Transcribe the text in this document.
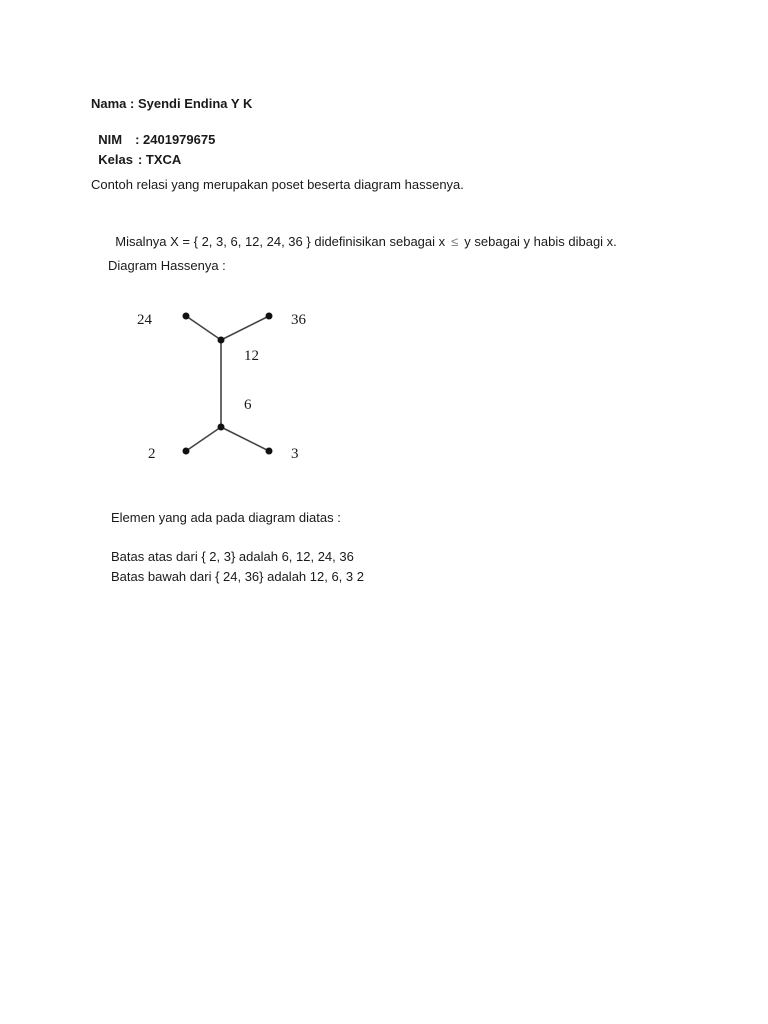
Nama : Syendi Endina Y K

NIM : 2401979675

Kelas : TXCA

Contoh relasi yang merupakan poset beserta diagram hassenya.

Misalnya X = { 2, 3, 6, 12, 24, 36 } didefinisikan sebagai x ≤ y sebagai y habis dibagi x.

Diagram Hassenya :
24	36
12
6
2	3
Elemen yang ada pada diagram diatas :
Batas atas dari { 2, 3} adalah 6, 12, 24, 36
Batas bawah dari { 24, 36} adalah 12, 6, 3 2
